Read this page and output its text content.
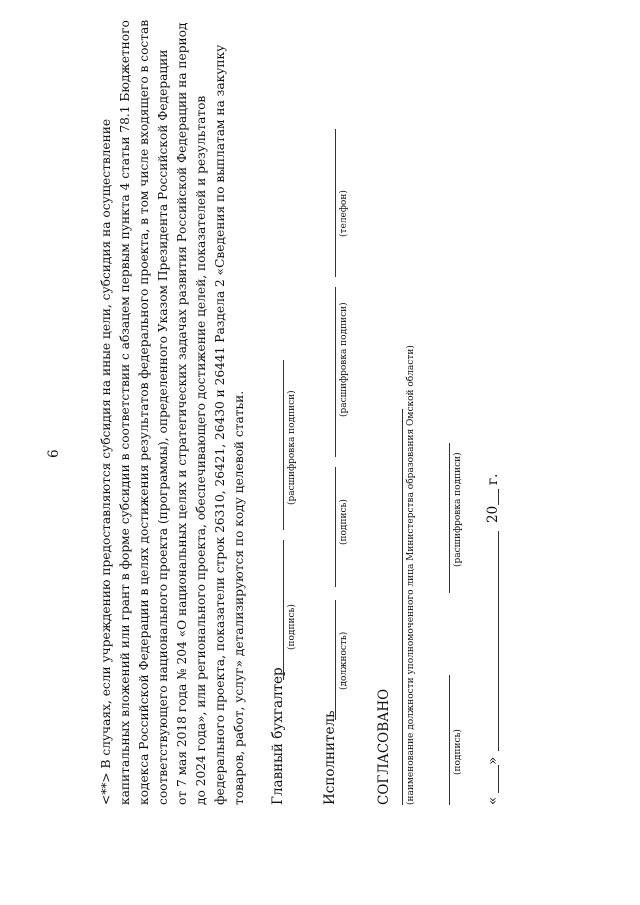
6	<**> В случаях, если учреждению предоставляются субсидия на иные цели, субсидия на осуществление капитальных вложений или грант в форме субсидии в соответствии с абзацем первым пункта 4 статьи 78.1 Бюджетного кодекса Российской Федерации в целях достижения результатов федерального проекта, в том числе входящего в состав соответствующего национального проекта (программы), определенного Указом Президента Российской Федерации от 7 мая 2018 года № 204 «О национальных целях и стратегических задачах развития Российской Федерации на период до 2024 года», или регионального проекта, обеспечивающего достижение целей, показателей и результатов федерального проекта, показатели строк 26310, 26421, 26430 и 26441 Раздела 2 «Сведения по выплатам на закупку товаров, работ, услуг» детализируются по коду целевой статьи. Главный бухгалтер
(подпись)
(расшифровка подписи)
Исполнитель
(должность)
(подпись)
(расшифровка подписи)
(телефон)
СОГЛАСОВАНО (наименование должности уполномоченного лица Министерства образования Омской области)	(подпись)
(расшифровка подписи)
«
»
20
г.
